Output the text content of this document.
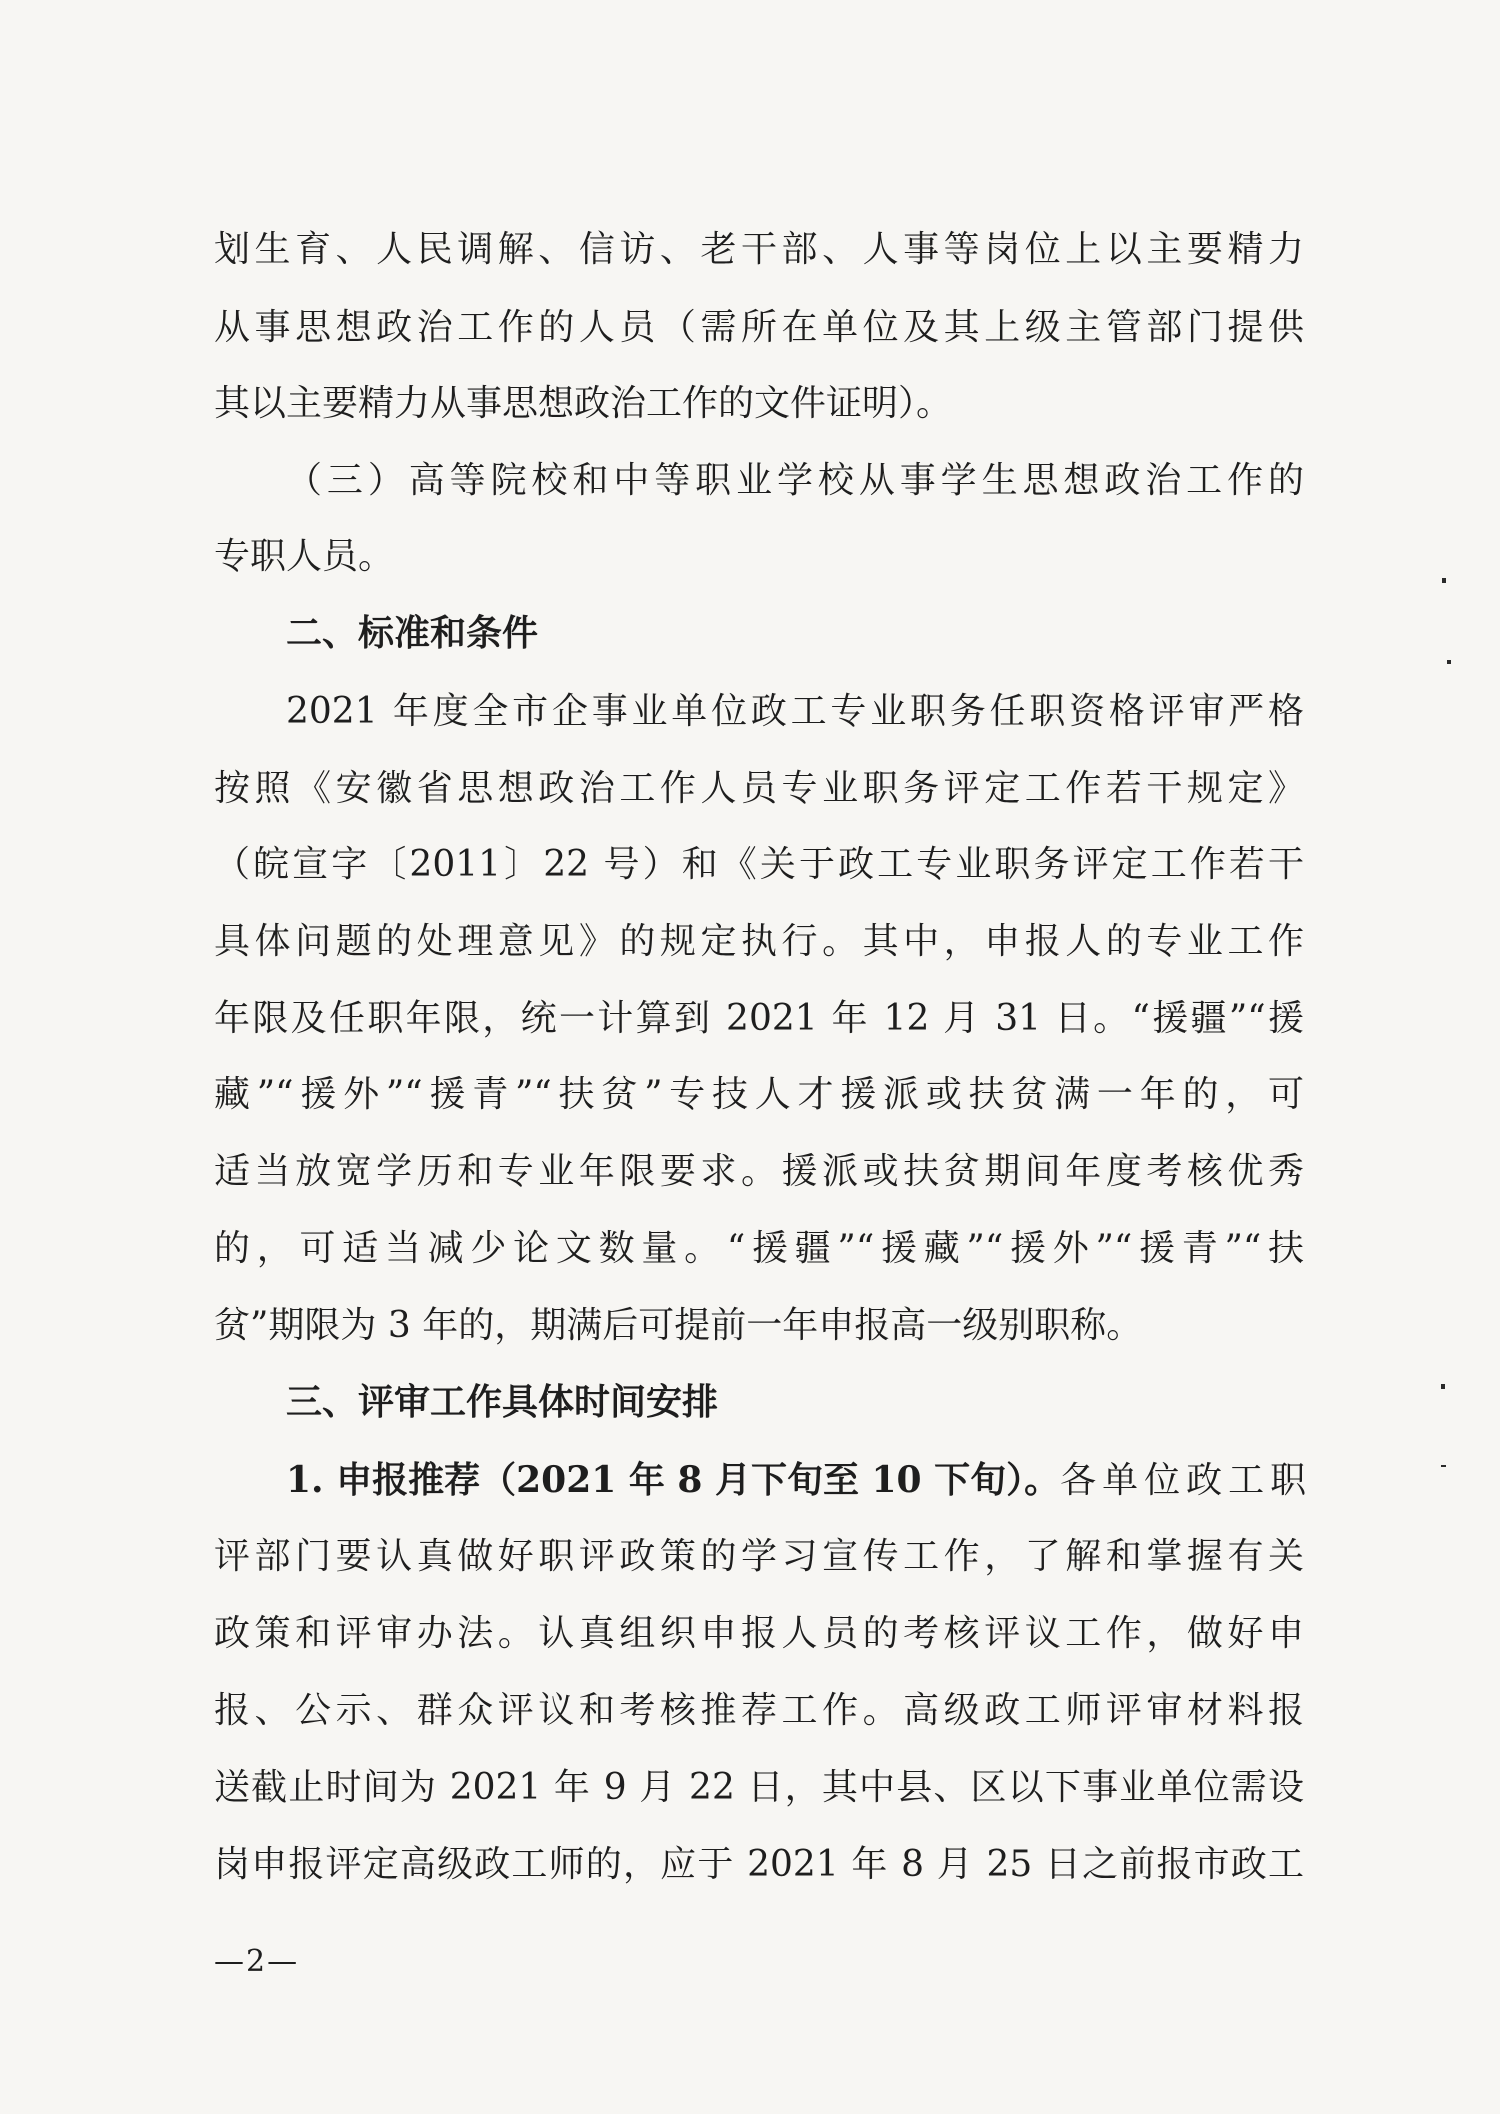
划生育、人民调解、信访、老干部、人事等岗位上以主要精力
从事思想政治工作的人员（需所在单位及其上级主管部门提供
其以主要精力从事思想政治工作的文件证明）。
（三）高等院校和中等职业学校从事学生思想政治工作的
专职人员。
二、标准和条件
2021 年度全市企事业单位政工专业职务任职资格评审严格
按照《安徽省思想政治工作人员专业职务评定工作若干规定》
（皖宣字〔2011〕22 号）和《关于政工专业职务评定工作若干
具体问题的处理意见》的规定执行。其中，申报人的专业工作
年限及任职年限，统一计算到 2021 年 12 月 31 日。“援疆”“援
藏”“援外”“援青”“扶贫”专技人才援派或扶贫满一年的，可
适当放宽学历和专业年限要求。援派或扶贫期间年度考核优秀
的，可适当减少论文数量。“援疆”“援藏”“援外”“援青”“扶
贫”期限为 3 年的，期满后可提前一年申报高一级别职称。
三、评审工作具体时间安排
1. 申报推荐（2021 年 8 月下旬至 10 下旬）。各单位政工职
评部门要认真做好职评政策的学习宣传工作，了解和掌握有关
政策和评审办法。认真组织申报人员的考核评议工作，做好申
报、公示、群众评议和考核推荐工作。高级政工师评审材料报
送截止时间为 2021 年 9 月 22 日，其中县、区以下事业单位需设
岗申报评定高级政工师的，应于 2021 年 8 月 25 日之前报市政工
—2—
